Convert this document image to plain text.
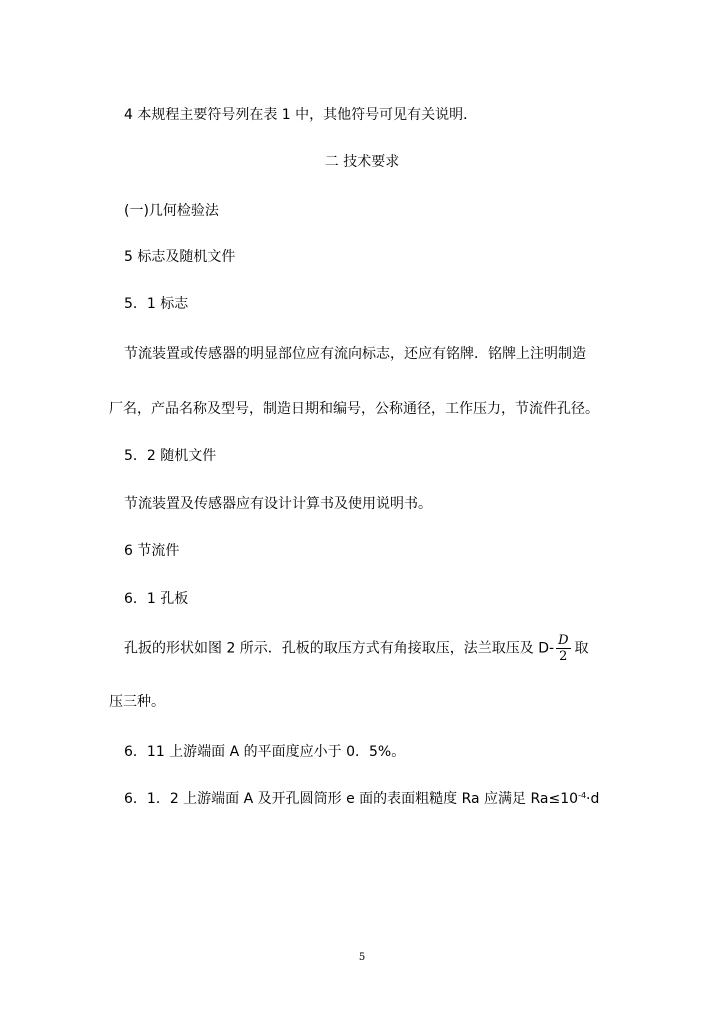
4 本规程主要符号列在表 1 中，其他符号可见有关说明．
二 技术要求
(一)几何检验法
5 标志及随机文件
5．1 标志
节流装置或传感器的明显部位应有流向标志，还应有铭牌．铭牌上注明制造
厂名，产品名称及型号，制造日期和编号，公称通径，工作压力，节流件孔径。
5．2 随机文件
节流装置及传感器应有设计计算书及使用说明书。
6 节流件
6．1 孔板
孔扳的形状如图 2 所示．孔板的取压方式有角接取压，法兰取压及 $D- \frac{D}{2}$ 取
压三种。
6．11 上游端面 A 的平面度应小于 0．5%。
6．1．2 上游端面 A 及开孔圆筒形 e 面的表面粗糙度 Ra 应满足 $Ra\le 10^{-4}\cdot d$
5
